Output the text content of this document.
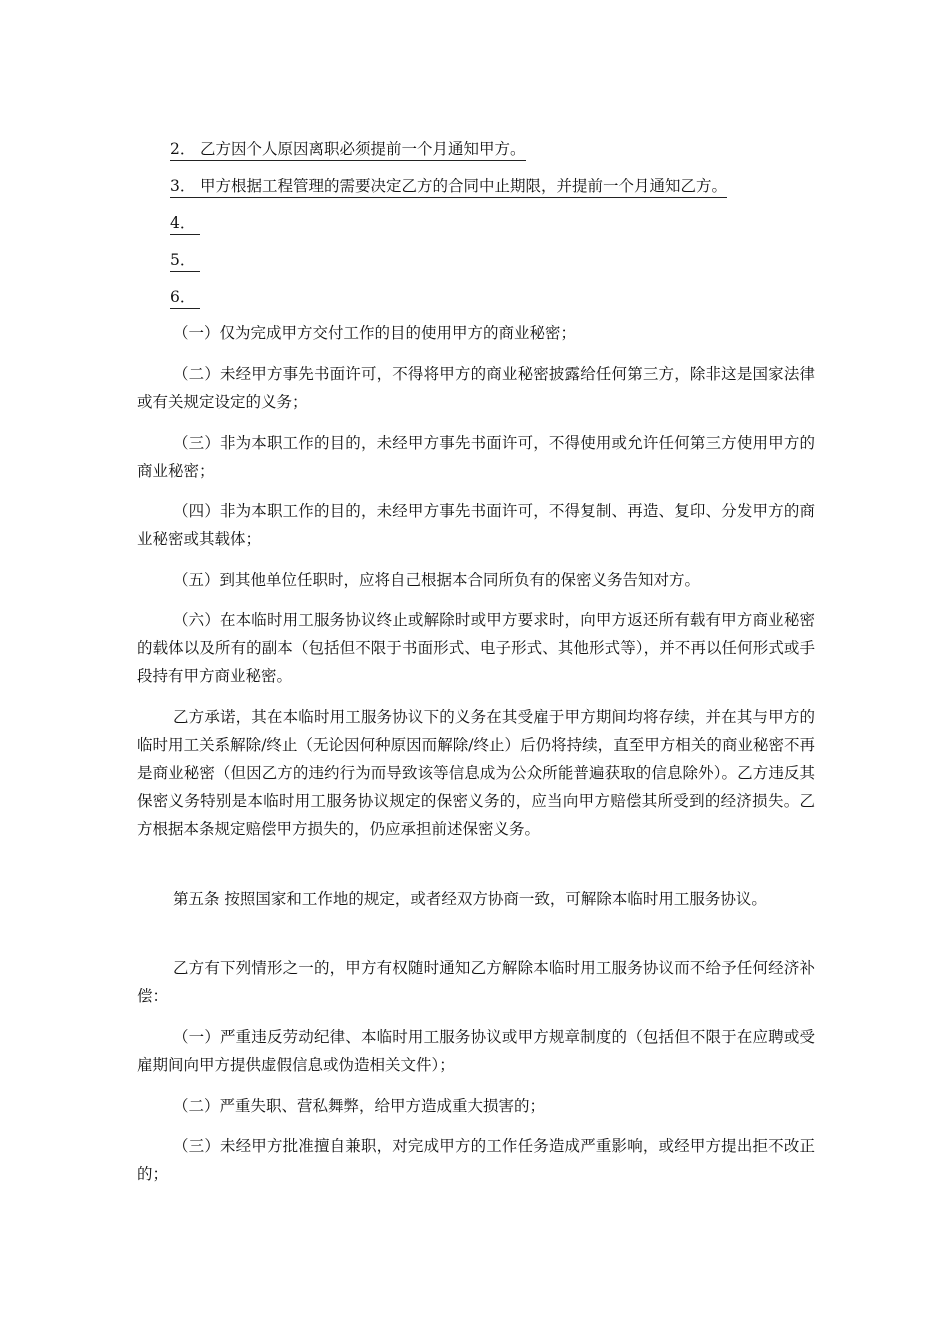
2． 乙方因个人原因离职必须提前一个月通知甲方。
3． 甲方根据工程管理的需要决定乙方的合同中止期限，并提前一个月通知乙方。
4．
5．
6．

（一）仅为完成甲方交付工作的目的使用甲方的商业秘密；

（二）未经甲方事先书面许可，不得将甲方的商业秘密披露给任何第三方，除非这是国家法律或有关规定设定的义务；

（三）非为本职工作的目的，未经甲方事先书面许可，不得使用或允许任何第三方使用甲方的商业秘密；

（四）非为本职工作的目的，未经甲方事先书面许可，不得复制、再造、复印、分发甲方的商业秘密或其载体；

（五）到其他单位任职时，应将自己根据本合同所负有的保密义务告知对方。

（六）在本临时用工服务协议终止或解除时或甲方要求时，向甲方返还所有载有甲方商业秘密的载体以及所有的副本（包括但不限于书面形式、电子形式、其他形式等），并不再以任何形式或手段持有甲方商业秘密。

乙方承诺，其在本临时用工服务协议下的义务在其受雇于甲方期间均将存续，并在其与甲方的临时用工关系解除/终止（无论因何种原因而解除/终止）后仍将持续，直至甲方相关的商业秘密不再是商业秘密（但因乙方的违约行为而导致该等信息成为公众所能普遍获取的信息除外）。乙方违反其保密义务特别是本临时用工服务协议规定的保密义务的，应当向甲方赔偿其所受到的经济损失。乙方根据本条规定赔偿甲方损失的，仍应承担前述保密义务。

第五条 按照国家和工作地的规定，或者经双方协商一致，可解除本临时用工服务协议。

乙方有下列情形之一的，甲方有权随时通知乙方解除本临时用工服务协议而不给予任何经济补偿：

（一）严重违反劳动纪律、本临时用工服务协议或甲方规章制度的（包括但不限于在应聘或受雇期间向甲方提供虚假信息或伪造相关文件）；

（二）严重失职、营私舞弊，给甲方造成重大损害的；

（三）未经甲方批准擅自兼职，对完成甲方的工作任务造成严重影响，或经甲方提出拒不改正的；
